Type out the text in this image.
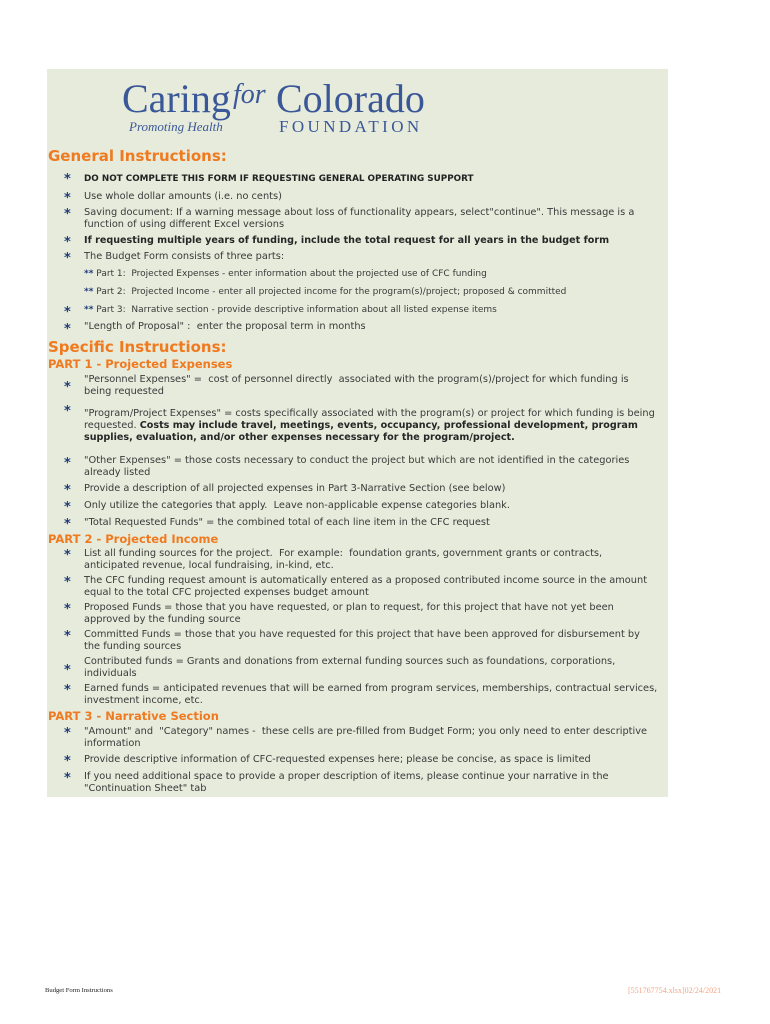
Caring for Colorado
Promoting Health	FOUNDATION
General Instructions:
* DO NOT COMPLETE THIS FORM IF REQUESTING GENERAL OPERATING SUPPORT
* Use whole dollar amounts (i.e. no cents)
* Saving document: If a warning message about loss of functionality appears, select"continue". This message is a
function of using different Excel versions
* If requesting multiple years of funding, include the total request for all years in the budget form
* The Budget Form consists of three parts:
** Part 1:  Projected Expenses - enter information about the projected use of CFC funding
** Part 2:  Projected Income - enter all projected income for the program(s)/project; proposed & committed
* ** Part 3:  Narrative section - provide descriptive information about all listed expense items
* "Length of Proposal" :  enter the proposal term in months
Specific Instructions:
PART 1 - Projected Expenses
*
"Personnel Expenses" =  cost of personnel directly  associated with the program(s)/project for which funding is
being requested
* "Program/Project Expenses" = costs specifically associated with the program(s) or project for which funding is being
requested. Costs may include travel, meetings, events, occupancy, professional development, program
supplies, evaluation, and/or other expenses necessary for the program/project.
* "Other Expenses" = those costs necessary to conduct the project but which are not identified in the categories
already listed
* Provide a description of all projected expenses in Part 3-Narrative Section (see below)
* Only utilize the categories that apply.  Leave non-applicable expense categories blank.
* "Total Requested Funds" = the combined total of each line item in the CFC request
PART 2 - Projected Income
* List all funding sources for the project.  For example:  foundation grants, government grants or contracts,
anticipated revenue, local fundraising, in-kind, etc.
* The CFC funding request amount is automatically entered as a proposed contributed income source in the amount
equal to the total CFC projected expenses budget amount
* Proposed Funds = those that you have requested, or plan to request, for this project that have not yet been
approved by the funding source
* Committed Funds = those that you have requested for this project that have been approved for disbursement by
the funding sources
*
Contributed funds = Grants and donations from external funding sources such as foundations, corporations,
individuals
* Earned funds = anticipated revenues that will be earned from program services, memberships, contractual services,
investment income, etc.
PART 3 - Narrative Section
* "Amount" and  "Category" names -  these cells are pre-filled from Budget Form; you only need to enter descriptive
information
* Provide descriptive information of CFC-requested expenses here; please be concise, as space is limited
* If you need additional space to provide a proper description of items, please continue your narrative in the
"Continuation Sheet" tab
Budget Form Instructions	[551767754.xlsx]02/24/2021
